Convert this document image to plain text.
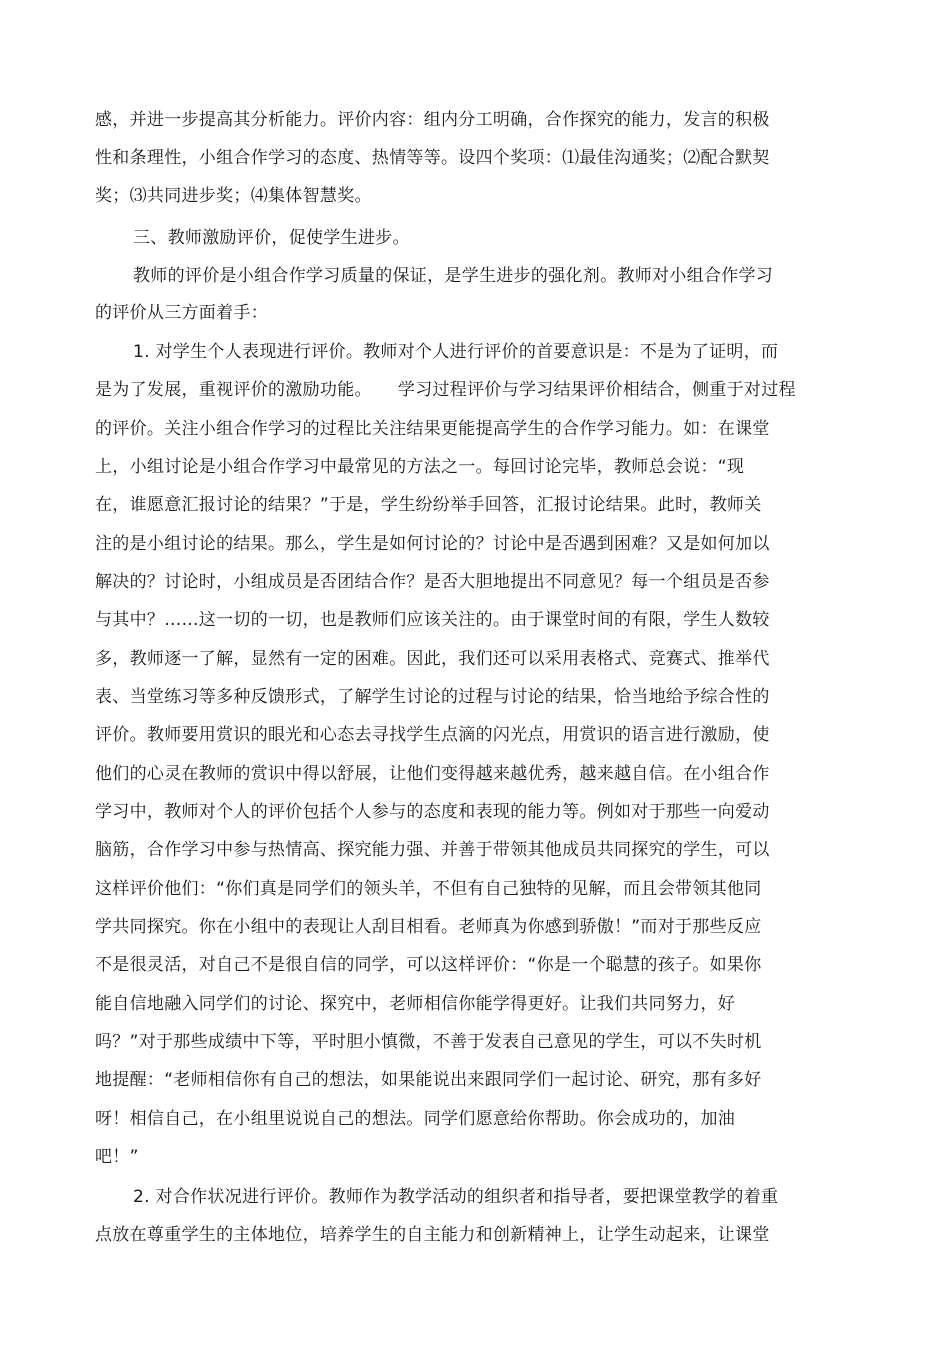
感，并进一步提高其分析能力。评价内容：组内分工明确，合作探究的能力，发言的积极
性和条理性，小组合作学习的态度、热情等等。设四个奖项：⑴最佳沟通奖；⑵配合默契
奖；⑶共同进步奖；⑷集体智慧奖。
三、教师激励评价，促使学生进步。
教师的评价是小组合作学习质量的保证，是学生进步的强化剂。教师对小组合作学习
的评价从三方面着手：
1. 对学生个人表现进行评价。教师对个人进行评价的首要意识是：不是为了证明，而
是为了发展，重视评价的激励功能。　　学习过程评价与学习结果评价相结合，侧重于对过程
的评价。关注小组合作学习的过程比关注结果更能提高学生的合作学习能力。如：在课堂
上，小组讨论是小组合作学习中最常见的方法之一。每回讨论完毕，教师总会说：“现
在，谁愿意汇报讨论的结果？”于是，学生纷纷举手回答，汇报讨论结果。此时，教师关
注的是小组讨论的结果。那么，学生是如何讨论的？讨论中是否遇到困难？又是如何加以
解决的？讨论时，小组成员是否团结合作？是否大胆地提出不同意见？每一个组员是否参
与其中？……这一切的一切，也是教师们应该关注的。由于课堂时间的有限，学生人数较
多，教师逐一了解，显然有一定的困难。因此，我们还可以采用表格式、竞赛式、推举代
表、当堂练习等多种反馈形式，了解学生讨论的过程与讨论的结果，恰当地给予综合性的
评价。教师要用赏识的眼光和心态去寻找学生点滴的闪光点，用赏识的语言进行激励，使
他们的心灵在教师的赏识中得以舒展，让他们变得越来越优秀，越来越自信。在小组合作
学习中，教师对个人的评价包括个人参与的态度和表现的能力等。例如对于那些一向爱动
脑筋，合作学习中参与热情高、探究能力强、并善于带领其他成员共同探究的学生，可以
这样评价他们：“你们真是同学们的领头羊，不但有自己独特的见解，而且会带领其他同
学共同探究。你在小组中的表现让人刮目相看。老师真为你感到骄傲！”而对于那些反应
不是很灵活，对自己不是很自信的同学，可以这样评价：“你是一个聪慧的孩子。如果你
能自信地融入同学们的讨论、探究中，老师相信你能学得更好。让我们共同努力，好
吗？”对于那些成绩中下等，平时胆小慎微，不善于发表自己意见的学生，可以不失时机
地提醒：“老师相信你有自己的想法，如果能说出来跟同学们一起讨论、研究，那有多好
呀！相信自己，在小组里说说自己的想法。同学们愿意给你帮助。你会成功的，加油
吧！”
2. 对合作状况进行评价。教师作为教学活动的组织者和指导者，要把课堂教学的着重
点放在尊重学生的主体地位，培养学生的自主能力和创新精神上，让学生动起来，让课堂
